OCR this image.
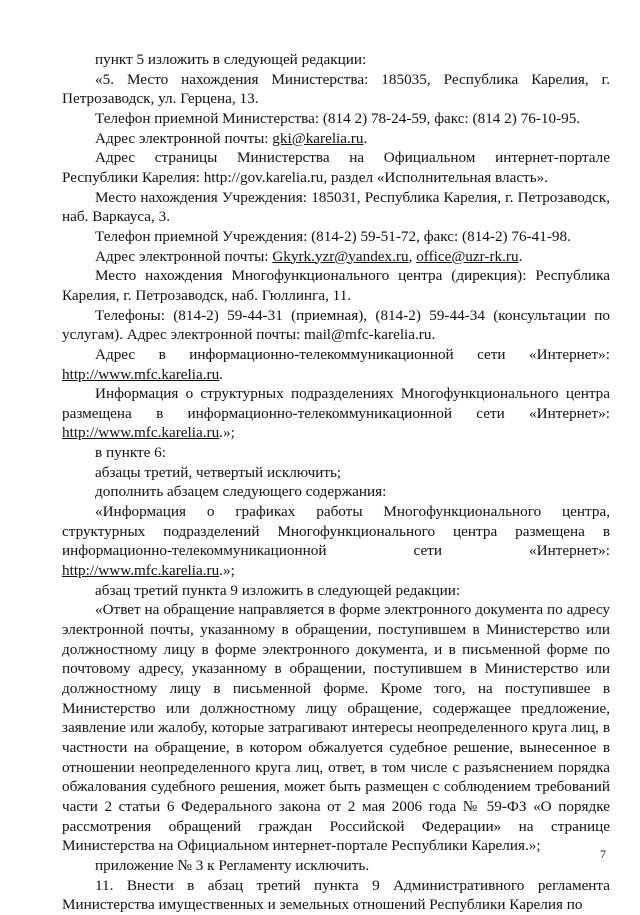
пункт 5 изложить в следующей редакции:

«5. Место нахождения Министерства: 185035, Республика Карелия, г. Петрозаводск, ул. Герцена, 13.

Телефон приемной Министерства: (814 2) 78-24-59, факс: (814 2) 76-10-95.

Адрес электронной почты: gki@karelia.ru.

Адрес страницы Министерства на Официальном интернет-портале Республики Карелия: http://gov.karelia.ru, раздел «Исполнительная власть».

Место нахождения Учреждения: 185031, Республика Карелия, г. Петрозаводск, наб. Варкауса, 3.

Телефон приемной Учреждения: (814-2) 59-51-72, факс: (814-2) 76-41-98.

Адрес электронной почты: Gkyrk.yzr@yandex.ru, office@uzr-rk.ru.

Место нахождения Многофункционального центра (дирекция): Республика Карелия, г. Петрозаводск, наб. Гюллинга, 11.

Телефоны: (814-2) 59-44-31 (приемная), (814-2) 59-44-34 (консультации по услугам). Адрес электронной почты: mail@mfc-karelia.ru.

Адрес в информационно-телекоммуникационной сети «Интернет»: http://www.mfc.karelia.ru.

Информация о структурных подразделениях Многофункционального центра размещена в информационно-телекоммуникационной сети «Интернет»: http://www.mfc.karelia.ru.»;

в пункте 6:

абзацы третий, четвертый исключить;

дополнить абзацем следующего содержания:

«Информация о графиках работы Многофункционального центра, структурных подразделений Многофункционального центра размещена в информационно-телекоммуникационной сети «Интернет»: http://www.mfc.karelia.ru.»;

абзац третий пункта 9 изложить в следующей редакции:

«Ответ на обращение направляется в форме электронного документа по адресу электронной почты, указанному в обращении, поступившем в Министерство или должностному лицу в форме электронного документа, и в письменной форме по почтовому адресу, указанному в обращении, поступившем в Министерство или должностному лицу в письменной форме. Кроме того, на поступившее в Министерство или должностному лицу обращение, содержащее предложение, заявление или жалобу, которые затрагивают интересы неопределенного круга лиц, в частности на обращение, в котором обжалуется судебное решение, вынесенное в отношении неопределенного круга лиц, ответ, в том числе с разъяснением порядка обжалования судебного решения, может быть размещен с соблюдением требований части 2 статьи 6 Федерального закона от 2 мая 2006 года № 59-ФЗ «О порядке рассмотрения обращений граждан Российской Федерации» на странице Министерства на Официальном интернет-портале Республики Карелия.»;

приложение № 3 к Регламенту исключить.

11. Внести в абзац третий пункта 9 Административного регламента Министерства имущественных и земельных отношений Республики Карелия по

7
